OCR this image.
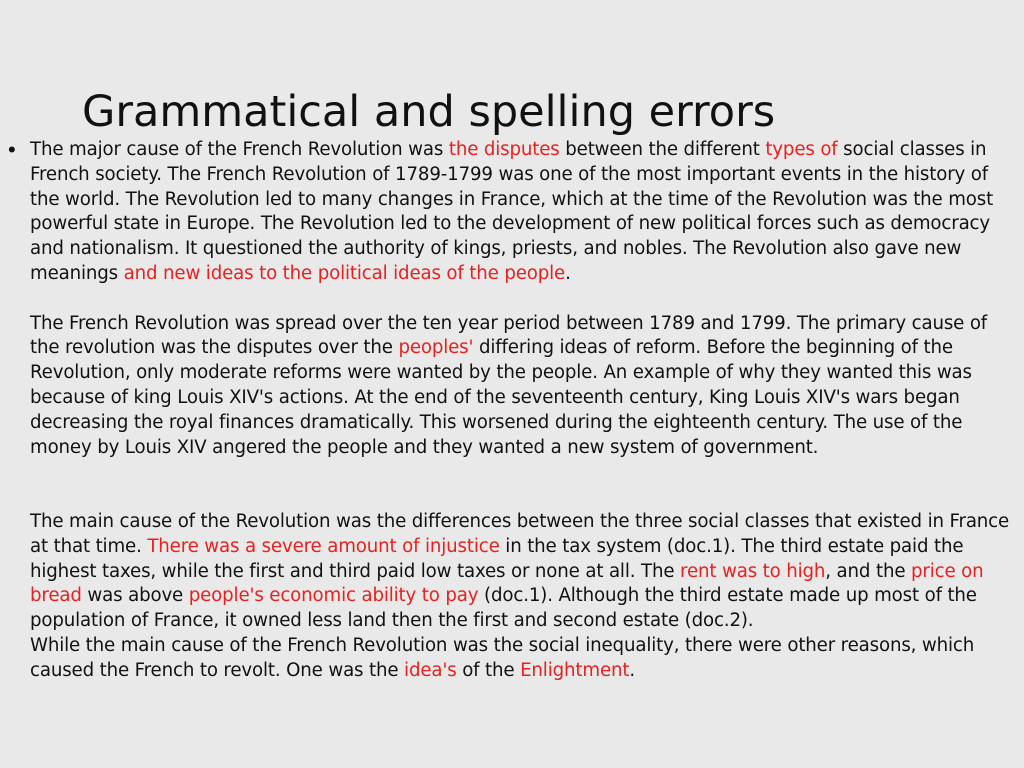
Grammatical and spelling errors
• The major cause of the French Revolution was the disputes between the different types of social classes in French society. The French Revolution of 1789-1799 was one of the most important events in the history of the world. The Revolution led to many changes in France, which at the time of the Revolution was the most powerful state in Europe. The Revolution led to the development of new political forces such as democracy and nationalism. It questioned the authority of kings, priests, and nobles. The Revolution also gave new meanings and new ideas to the political ideas of the people.

The French Revolution was spread over the ten year period between 1789 and 1799. The primary cause of the revolution was the disputes over the peoples' differing ideas of reform. Before the beginning of the Revolution, only moderate reforms were wanted by the people. An example of why they wanted this was because of king Louis XIV's actions. At the end of the seventeenth century, King Louis XIV's wars began decreasing the royal finances dramatically. This worsened during the eighteenth century. The use of the money by Louis XIV angered the people and they wanted a new system of government.

The main cause of the Revolution was the differences between the three social classes that existed in France at that time. There was a severe amount of injustice in the tax system (doc.1). The third estate paid the highest taxes, while the first and third paid low taxes or none at all. The rent was to high, and the price on bread was above people's economic ability to pay (doc.1). Although the third estate made up most of the population of France, it owned less land then the first and second estate (doc.2).

While the main cause of the French Revolution was the social inequality, there were other reasons, which caused the French to revolt. One was the idea's of the Enlightment.
